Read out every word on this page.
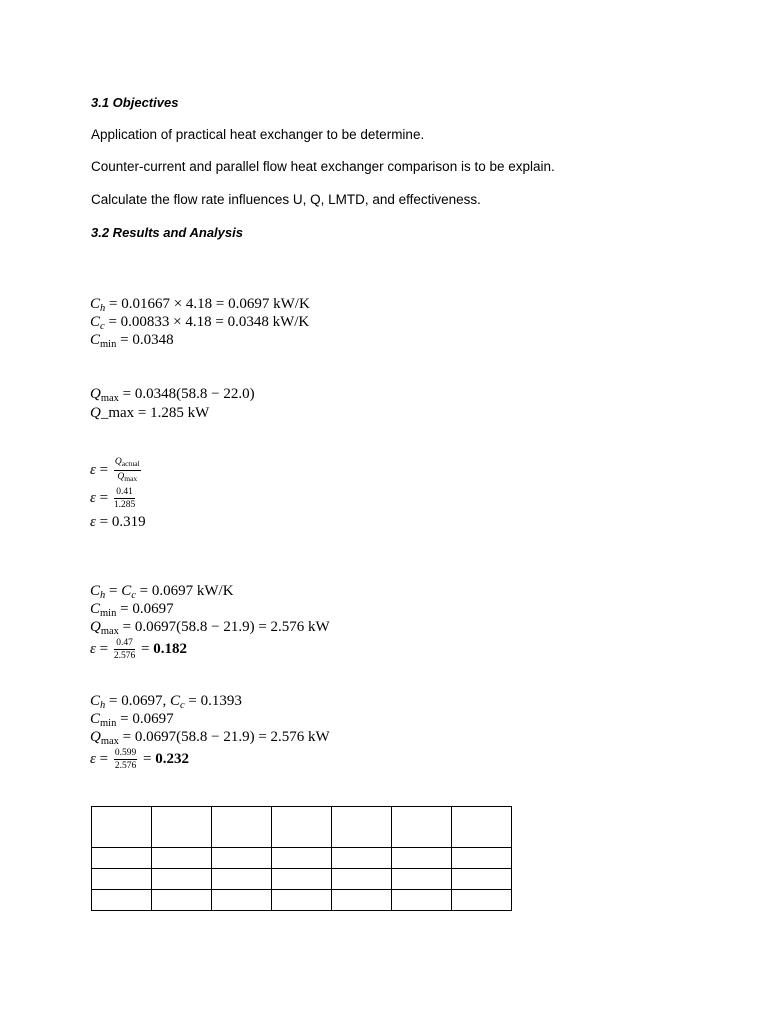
3.1 Objectives
Application of practical heat exchanger to be determine.
Counter-current and parallel flow heat exchanger comparison is to be explain.
Calculate the flow rate influences U, Q, LMTD, and effectiveness.
3.2 Results and Analysis
$C_h = 0.01667 \times 4.18 = 0.0697$ kW/K
$C_c = 0.00833 \times 4.18 = 0.0348$ kW/K
$C_{min} = 0.0348$
$Q_{max} = 0.0348(58.8 - 22.0)$
Q_max = 1.285 kW
$\varepsilon = \frac{Q_{actual}}{Q_{max}}$
$\varepsilon = \frac{0.41}{1.285}$
ε = 0.319
$C_h = C_c = 0.0697$ kW/K
$C_{min} = 0.0697$
$Q_{max} = 0.0697(58.8 - 21.9) = 2.576$ kW
$\varepsilon = \frac{0.47}{2.576} = 0.182$
$C_h = 0.0697$, $C_c = 0.1393$
$C_{min} = 0.0697$
$Q_{max} = 0.0697(58.8 - 21.9) = 2.576$ kW
$\varepsilon = \frac{0.599}{2.576} = 0.232$
